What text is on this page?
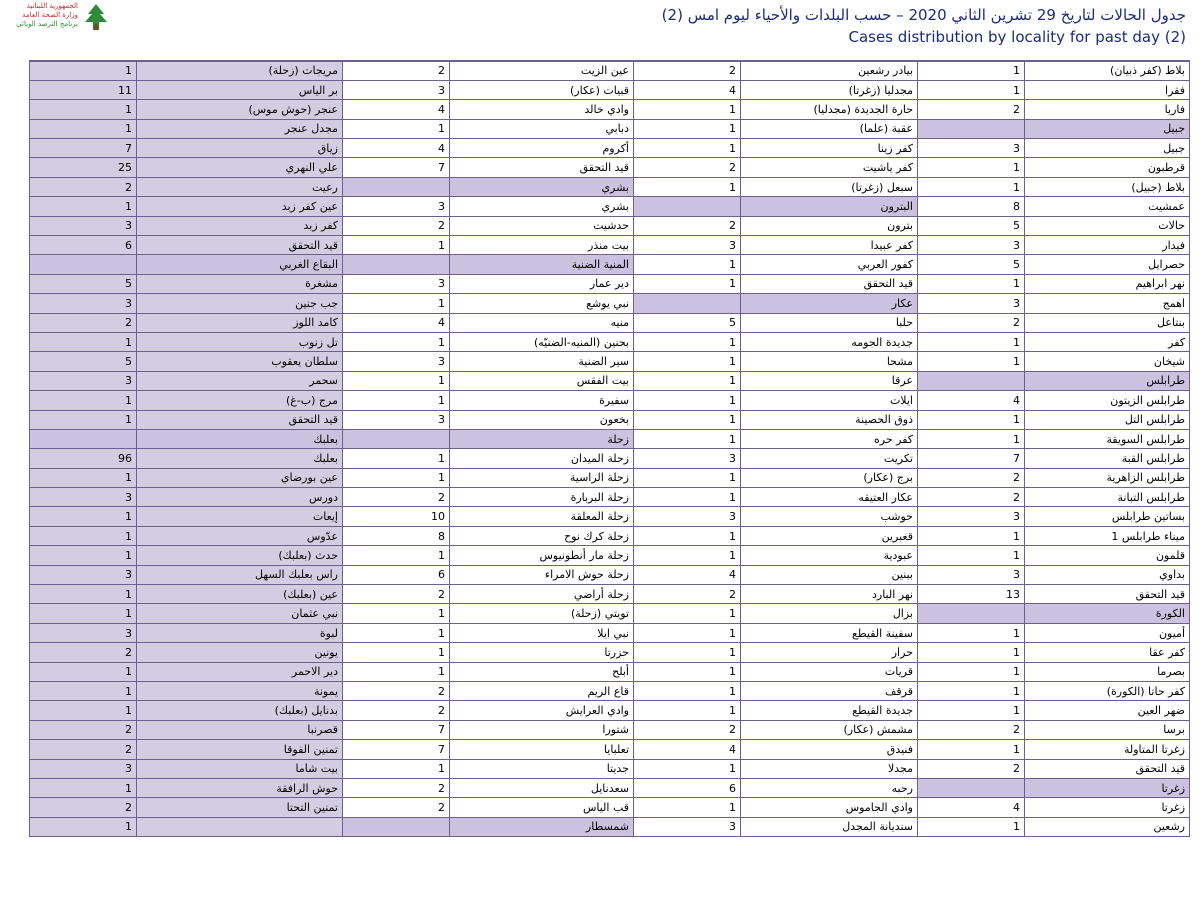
الجمهورية اللبنانية
وزارة الصحة العامة
برنامج الترصد الوبائي	جدول الحالات لتاريخ 29 تشرين الثاني 2020 – حسب البلدات والأحياء ليوم امس (2)
Cases distribution by locality for past day (2)
1	مريجات (زحلة)	2	عين الزيت	2	بيادر رشعين	1	بلاط (كفر ذبيان)
11	بر الياس	3	قبيات (عكار)	4	مجدليا (زغرتا)	1	فقرا
1	عنجر (حوش موس)	4	وادي خالد	1	حارة الجديدة (مجدليا)	2	فاريا
1	مجدل عنجر	1	دبابي	1	عقبة (علما)		جبيل
7	زياق	4	أكروم	1	كفر زينا	3	جبيل
25	علي النهري	7	قيد التحقق	2	كفر ياشيت	1	قرطبون
2	رعيت		بشري	1	سبعل (زغرتا)	1	بلاط (جبيل)
1	عين كفر زبد	3	بشري		البترون	8	عمشيت
3	كفر زبد	2	حدشيت	2	بترون	5	حالات
6	قيد التحقق	1	بيت منذر	3	كفر عبيدا	3	فيدار
	البقاع الغربي		المنية الضنية	1	كفور العربي	5	حصرايل
5	مشغرة	3	دير عمار	1	قيد التحقق	1	نهر ابراهيم
3	جب جنين	1	نبي يوشع		عكار	3	اهمج
2	كامد اللوز	4	منيه	5	حلبا	2	بنتاعل
1	تل زنوب	1	بحنين (المنيه-الضنيّه)	1	جديدة الجومه	1	كفر
5	سلطان يعقوب	3	سير الضنية	1	مشحا	1	شيخان
3	سحمر	1	بيت الفقس	1	عرقا		طرابلس
1	مرج (ب-غ)	1	سفيرة	1	ايلات	4	طرابلس الزيتون
1	قيد التحقق	3	بخعون	1	ذوق الحصينة	1	طرابلس التل
	بعلبك		زحلة	1	كفر حره	1	طرابلس السويقة
96	بعلبك	1	زحلة الميدان	3	تكريت	7	طرابلس القبة
1	عين بورضاي	1	زحلة الراسية	1	برج (عكار)	2	طرابلس الزاهرية
3	دورس	2	زحلة البربارة	1	عكار العتيقه	2	طرابلس التبانة
1	إيعات	10	زحلة المعلقة	3	حوشب	3	بساتين طرابلس
1	عدّوس	8	زحلة كرك نوح	1	قعبرين	1	ميناء طرابلس 1
1	حدث (بعلبك)	1	زحلة مار أنطونيوس	1	عبودية	1	قلمون
3	راس بعلبك السهل	6	زحلة حوش الامراء	4	ببنين	3	بداوي
1	عين (بعلبك)	2	زحلة أراضي	2	نهر البارد	13	قيد التحقق
1	نبي عثمان	1	تويتي (زحلة)	1	بزال		الكورة
3	لبوة	1	نبي ايلا	1	سفينة القيطع	1	أميون
2	يونين	1	حزرتا	1	حرار	1	كفر عقا
1	دير الاحمر	1	أبلح	1	قريات	1	بصرما
1	يمونة	2	قاع الريم	1	قرقف	1	كفر حاتا (الكورة)
1	بدنايل (بعلبك)	2	وادي العرايش	1	جديدة القيطع	1	ضهر العين
2	قصرنبا	7	شتورا	2	مشمش (عكار)	2	برسا
2	تمنين الفوقا	7	تعلبايا	4	فنيدق	1	زغرتا المتاولة
3	بيت شاما	1	جديتا	1	مجدلا	2	قيد التحقق
1	حوش الرافقة	2	سعدنايل	6	رحبه		زغرتا
2	تمنين التحتا	2	قب الياس	1	وادي الجاموس	4	زغرتا
1			شمسطار	3	سنديانة المجدل	1	رشعين
